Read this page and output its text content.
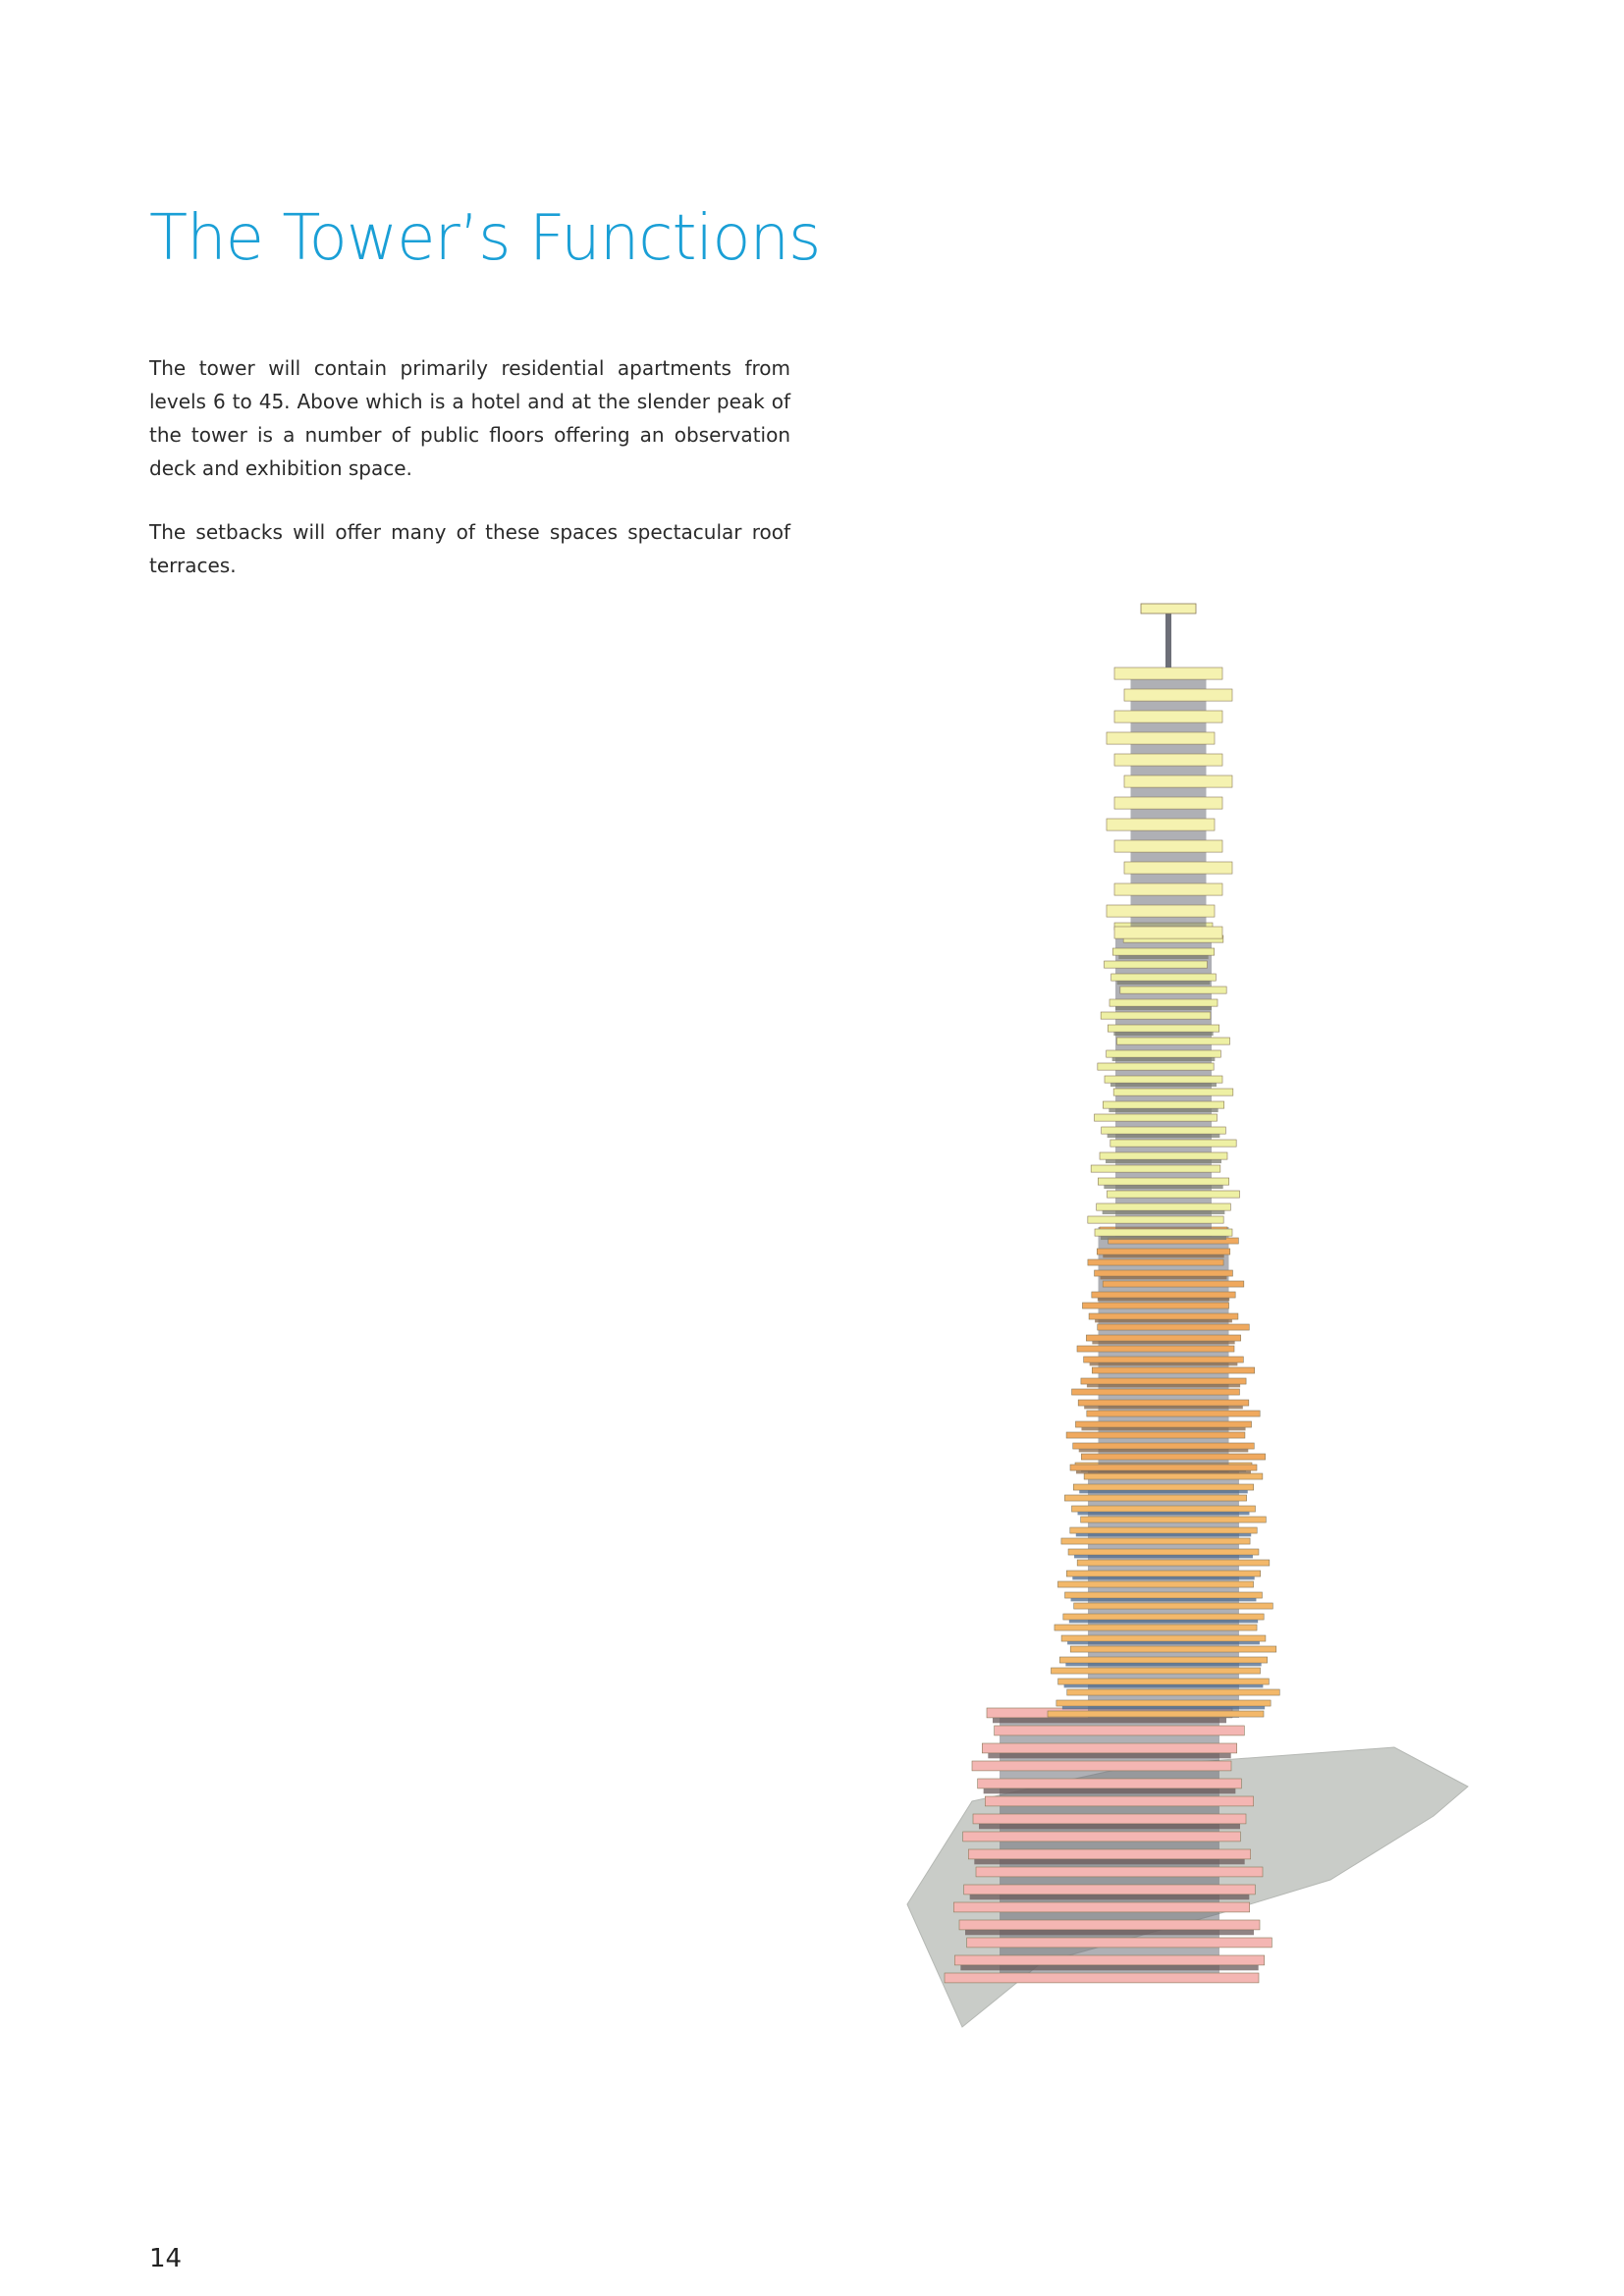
The Tower’s Functions

The tower will contain primarily residential apartments from levels 6 to 45. Above which is a hotel and at the slender peak of the tower is a number of public floors offering an observation deck and exhibition space.

The setbacks will offer many of these spaces spectacular roof terraces.

14
